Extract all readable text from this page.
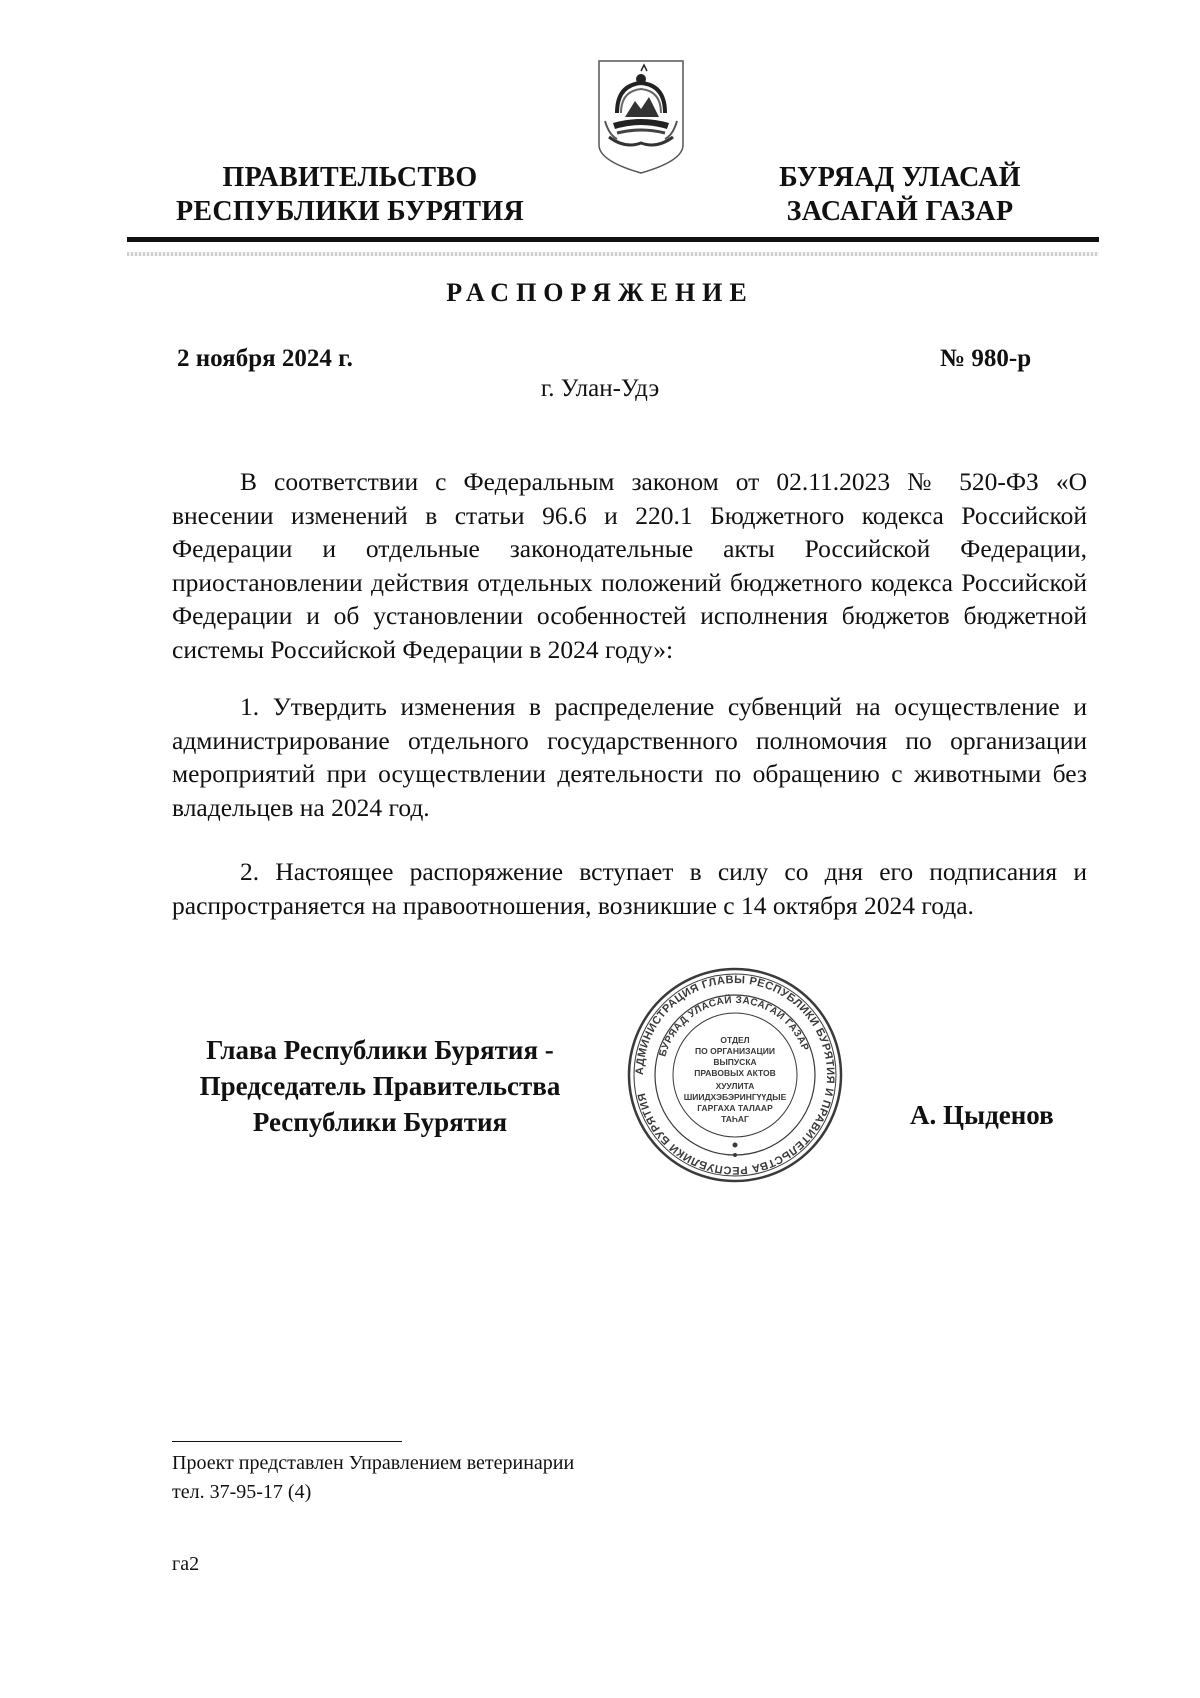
ПРАВИТЕЛЬСТВО
РЕСПУБЛИКИ БУРЯТИЯ
БУРЯАД УЛАСАЙ
ЗАСАГАЙ ГАЗАР
РАСПОРЯЖЕНИЕ
2 ноября 2024 г.	№ 980-р
г. Улан-Удэ
В соответствии с Федеральным законом от 02.11.2023 № 520-ФЗ «О внесении изменений в статьи 96.6 и 220.1 Бюджетного кодекса Российской Федерации и отдельные законодательные акты Российской Федерации, приостановлении действия отдельных положений бюджетного кодекса Российской Федерации и об установлении особенностей исполнения бюджетов бюджетной системы Российской Федерации в 2024 году»:
1. Утвердить изменения в распределение субвенций на осуществление и администрирование отдельного государственного полномочия по организации мероприятий при осуществлении деятельности по обращению с животными без владельцев на 2024 год.
2. Настоящее распоряжение вступает в силу со дня его подписания и распространяется на правоотношения, возникшие с 14 октября 2024 года.
Глава Республики Бурятия -
Председатель Правительства
Республики Бурятия
АДМИНИСТРАЦИЯ ГЛАВЫ РЕСПУБЛИКИ БУРЯТИЯ И ПРАВИТЕЛЬСТВА РЕСПУБЛИКИ БУРЯТИЯ
БУРЯАД УЛАСАЙ ЗАСАГАЙ ГАЗАР
ОТДЕЛ
ПО ОРГАНИЗАЦИИ
ВЫПУСКА
ПРАВОВЫХ АКТОВ
ХУУЛИТА
ШИИДХЭБЭРИНГҮҮДЫЕ
ГАРГАХА ТАЛААР
ТАҺАГ	А. Цыденов
Проект представлен Управлением ветеринарии
тел. 37-95-17 (4)
га2
